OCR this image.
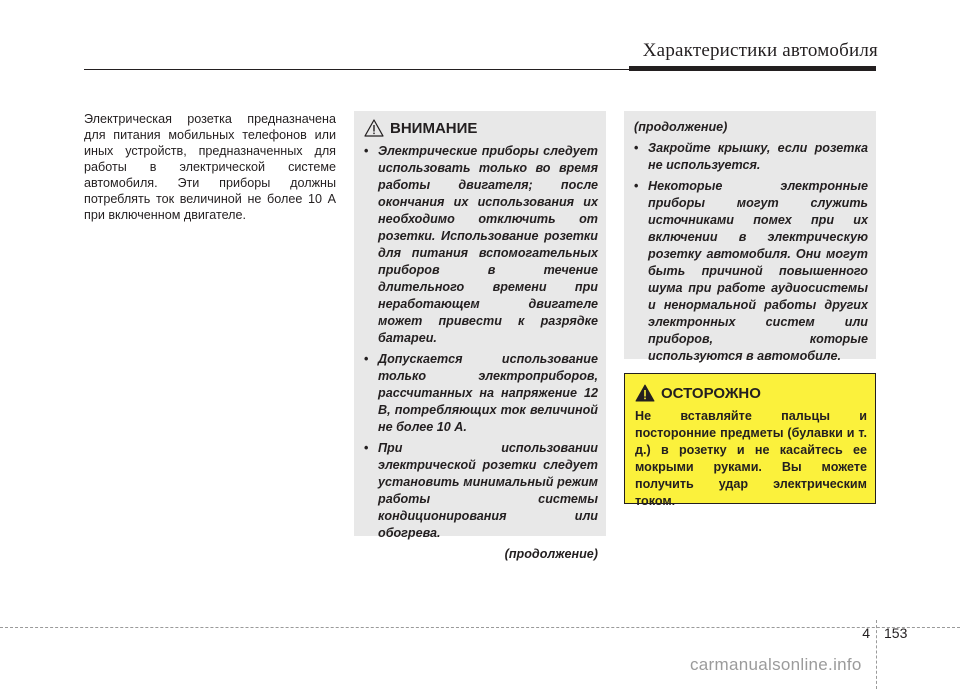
Характеристики автомобиля
Электрическая розетка предназначена для питания мобильных телефонов или иных устройств, предназначенных для работы в электрической системе автомобиля. Эти приборы должны потреблять ток величиной не более 10 А при включенном двигателе.
ВНИМАНИЕ
• Электрические приборы следует использовать только во время работы двигателя; после окончания их использования их необходимо отключить от розетки. Использование розетки для питания вспомогательных приборов в течение длительного времени при неработающем двигателе может привести к разрядке батареи.
• Допускается использование только электроприборов, рассчитанных на напряжение 12 В, потребляющих ток величиной не более 10 А.
• При использовании электрической розетки следует установить минимальный режим работы системы кондиционирования или обогрева.
(продолжение)
(продолжение)
• Закройте крышку, если розетка не используется.
• Некоторые электронные приборы могут служить источниками помех при их включении в электрическую розетку автомобиля. Они могут быть причиной повышенного шума при работе аудиосистемы и ненормальной работы других электронных систем или приборов, которые используются в автомобиле.
ОСТОРОЖНО
Не вставляйте пальцы и посторонние предметы (булавки и т. д.) в розетку и не касайтесь ее мокрыми руками. Вы можете получить удар электрическим током.
4 153
carmanualsonline.info
